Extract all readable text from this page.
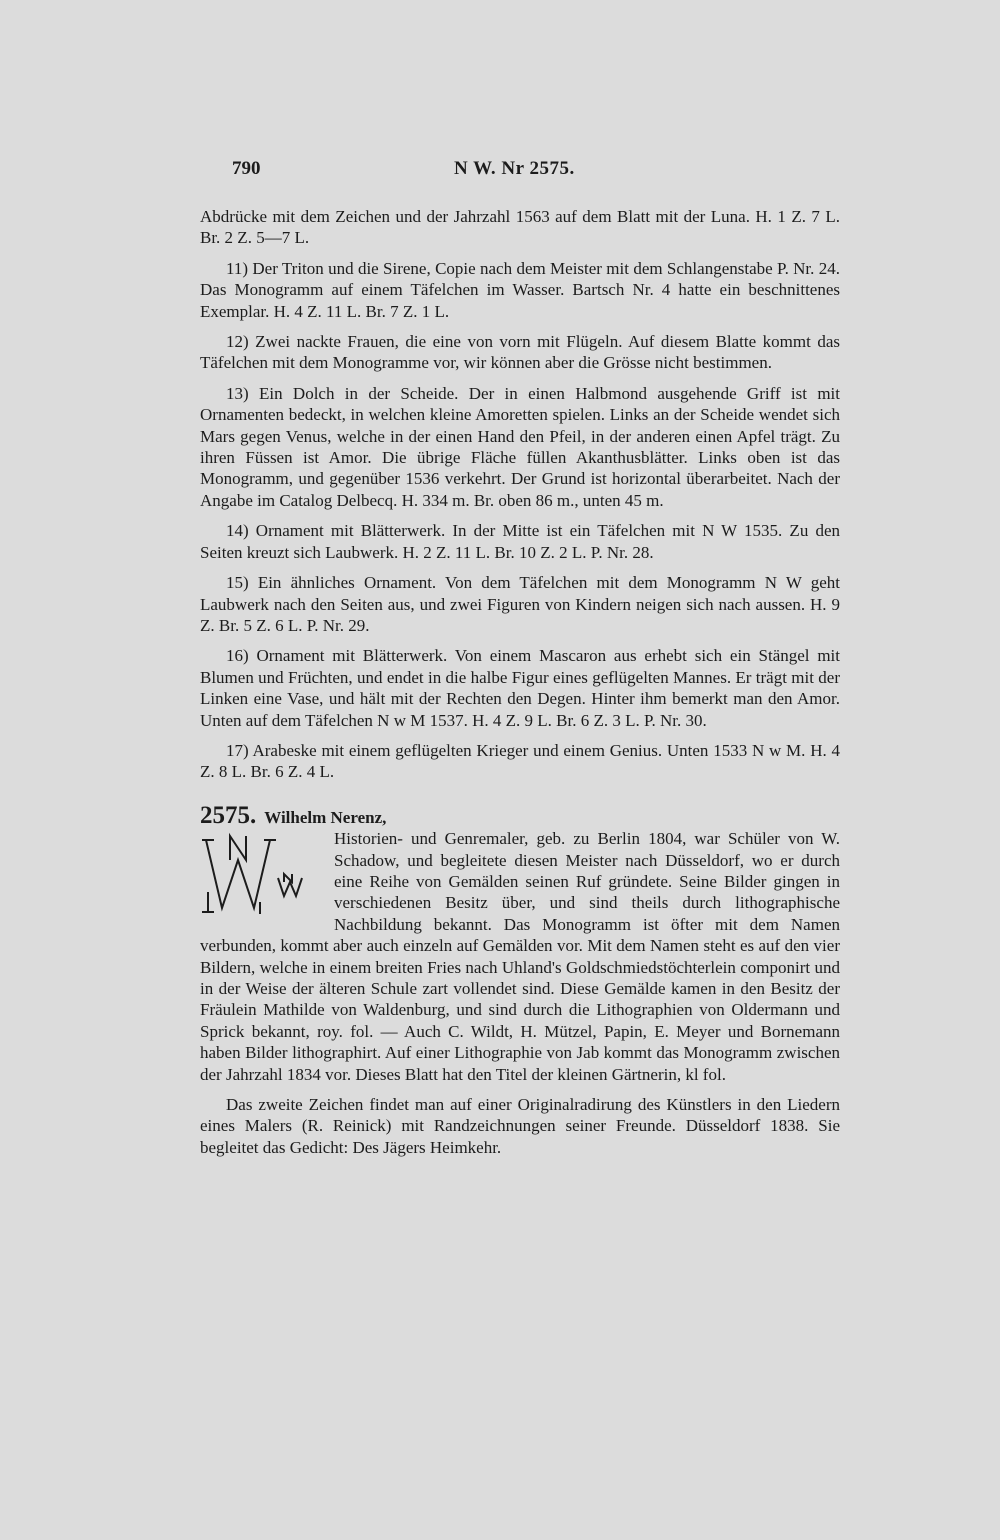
790	N W. Nr 2575.

Abdrücke mit dem Zeichen und der Jahrzahl 1563 auf dem Blatt mit der Luna. H. 1 Z. 7 L. Br. 2 Z. 5—7 L.

11) Der Triton und die Sirene, Copie nach dem Meister mit dem Schlangenstabe P. Nr. 24. Das Monogramm auf einem Täfelchen im Wasser. Bartsch Nr. 4 hatte ein beschnittenes Exemplar. H. 4 Z. 11 L. Br. 7 Z. 1 L.

12) Zwei nackte Frauen, die eine von vorn mit Flügeln. Auf diesem Blatte kommt das Täfelchen mit dem Monogramme vor, wir können aber die Grösse nicht bestimmen.

13) Ein Dolch in der Scheide. Der in einen Halbmond ausgehende Griff ist mit Ornamenten bedeckt, in welchen kleine Amoretten spielen. Links an der Scheide wendet sich Mars gegen Venus, welche in der einen Hand den Pfeil, in der anderen einen Apfel trägt. Zu ihren Füssen ist Amor. Die übrige Fläche füllen Akanthusblätter. Links oben ist das Monogramm, und gegenüber 1536 verkehrt. Der Grund ist horizontal überarbeitet. Nach der Angabe im Catalog Delbecq. H. 334 m. Br. oben 86 m., unten 45 m.

14) Ornament mit Blätterwerk. In der Mitte ist ein Täfelchen mit N W 1535. Zu den Seiten kreuzt sich Laubwerk. H. 2 Z. 11 L. Br. 10 Z. 2 L. P. Nr. 28.

15) Ein ähnliches Ornament. Von dem Täfelchen mit dem Monogramm N W geht Laubwerk nach den Seiten aus, und zwei Figuren von Kindern neigen sich nach aussen. H. 9 Z. Br. 5 Z. 6 L. P. Nr. 29.

16) Ornament mit Blätterwerk. Von einem Mascaron aus erhebt sich ein Stängel mit Blumen und Früchten, und endet in die halbe Figur eines geflügelten Mannes. Er trägt mit der Linken eine Vase, und hält mit der Rechten den Degen. Hinter ihm bemerkt man den Amor. Unten auf dem Täfelchen N w M 1537. H. 4 Z. 9 L. Br. 6 Z. 3 L. P. Nr. 30.

17) Arabeske mit einem geflügelten Krieger und einem Genius. Unten 1533 N w M. H. 4 Z. 8 L. Br. 6 Z. 4 L.

2575. Wilhelm Nerenz,

Historien- und Genremaler, geb. zu Berlin 1804, war Schüler von W. Schadow, und begleitete diesen Meister nach Düsseldorf, wo er durch eine Reihe von Gemälden seinen Ruf gründete. Seine Bilder gingen in verschiedenen Besitz über, und sind theils durch lithographische Nachbildung bekannt. Das Monogramm ist öfter mit dem Namen verbunden, kommt aber auch einzeln auf Gemälden vor. Mit dem Namen steht es auf den vier Bildern, welche in einem breiten Fries nach Uhland's Goldschmiedstöchterlein componirt und in der Weise der älteren Schule zart vollendet sind. Diese Gemälde kamen in den Besitz der Fräulein Mathilde von Waldenburg, und sind durch die Lithographien von Oldermann und Sprick bekannt, roy. fol. — Auch C. Wildt, H. Mützel, Papin, E. Meyer und Bornemann haben Bilder lithographirt. Auf einer Lithographie von Jab kommt das Monogramm zwischen der Jahrzahl 1834 vor. Dieses Blatt hat den Titel der kleinen Gärtnerin, kl fol.

Das zweite Zeichen findet man auf einer Originalradirung des Künstlers in den Liedern eines Malers (R. Reinick) mit Randzeichnungen seiner Freunde. Düsseldorf 1838. Sie begleitet das Gedicht: Des Jägers Heimkehr.
